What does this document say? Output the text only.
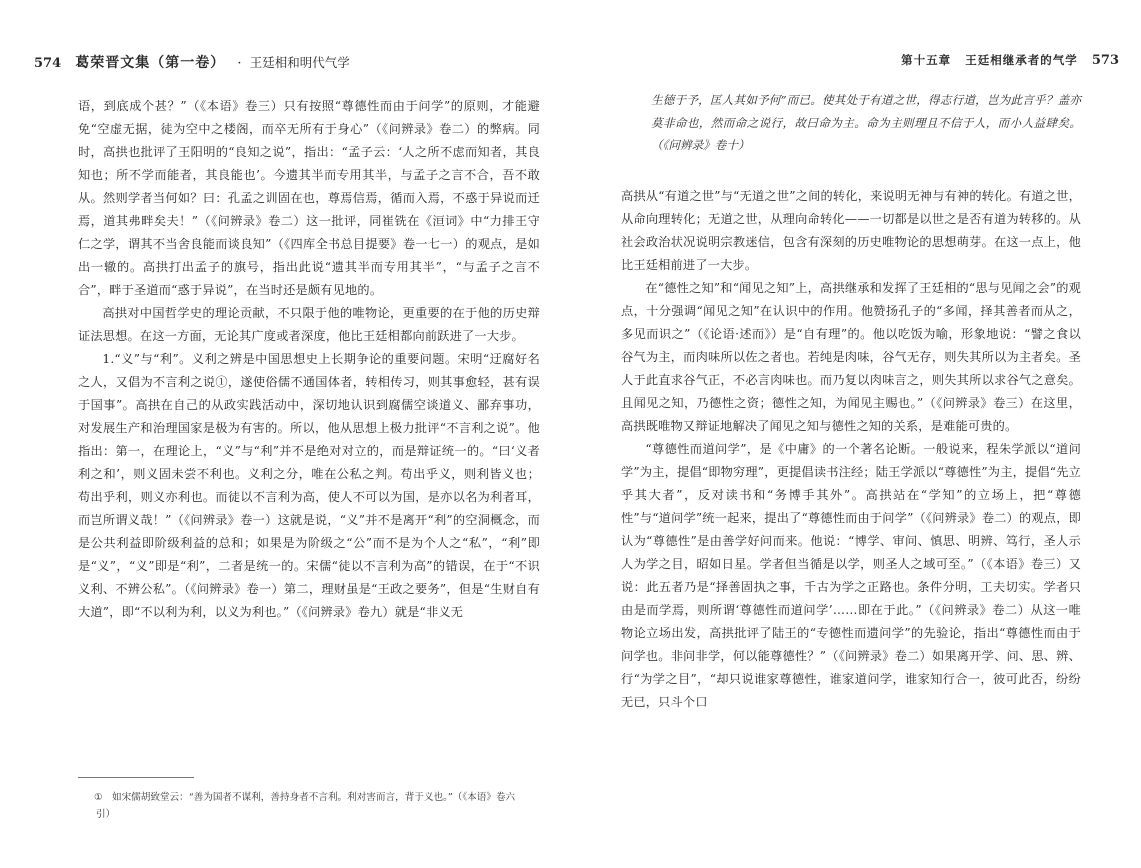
574 葛荣晋文集（第一卷） · 王廷相和明代气学

语，到底成个甚？”（《本语》卷三）只有按照“尊德性而由于问学”的原则，才能避免“空虚无据，徒为空中之楼阁，而卒无所有于身心”（《问辨录》卷二）的弊病。同时，高拱也批评了王阳明的“良知之说”，指出：“孟子云：‘人之所不虑而知者，其良知也；所不学而能者，其良能也’。今遗其半而专用其半，与孟子之言不合，吾不敢从。然则学者当何如？曰：孔孟之训固在也，尊焉信焉，循而入焉，不惑于异说而迁焉，道其弗畔矣夫！”（《问辨录》卷二）这一批评，同崔铣在《洹词》中“力排王守仁之学，谓其不当舍良能而谈良知”（《四库全书总目提要》卷一七一）的观点，是如出一辙的。高拱打出孟子的旗号，指出此说“遗其半而专用其半”，“与孟子之言不合”，畔于圣道而“惑于异说”，在当时还是颇有见地的。

高拱对中国哲学史的理论贡献，不只限于他的唯物论，更重要的在于他的历史辩证法思想。在这一方面，无论其广度或者深度，他比王廷相都向前跃进了一大步。

1.“义”与“利”。义利之辨是中国思想史上长期争论的重要问题。宋明“迂腐好名之人，又倡为不言利之说①，遂使俗儒不通国体者，转相传习，则其事愈轻，甚有误于国事”。高拱在自己的从政实践活动中，深切地认识到腐儒空谈道义、鄙弃事功，对发展生产和治理国家是极为有害的。所以，他从思想上极力批评“不言利之说”。他指出：第一，在理论上，“义”与“利”并不是绝对对立的，而是辩证统一的。“曰‘义者利之和’，则义固未尝不利也。义利之分，唯在公私之判。苟出乎义，则利皆义也；苟出乎利，则义亦利也。而徒以不言利为高，使人不可以为国，是亦以名为利者耳，而岂所谓义哉！”（《问辨录》卷一）这就是说，“义”并不是离开“利”的空洞概念，而是公共利益即阶级利益的总和；如果是为阶级之“公”而不是为个人之“私”，“利”即是“义”，“义”即是“利”，二者是统一的。宋儒“徒以不言利为高”的错误，在于“不识义利、不辨公私”。（《问辨录》卷一）第二，理财虽是“王政之要务”，但是“生财自有大道”，即“不以利为利，以义为利也。”（《问辨录》卷九）就是“非义无

① 如宋儒胡致堂云：“善为国者不谋利，善持身者不言利。利对害而言，背于义也。”（《本语》卷六引）
第十五章 王廷相继承者的气学 573

生德于予，匡人其如予何”而已。使其处于有道之世，得志行道，岂为此言乎？盖亦莫非命也，然而命之说行，故曰命为主。命为主则理且不信于人，而小人益肆矣。（《问辨录》卷十）

高拱从“有道之世”与“无道之世”之间的转化，来说明无神与有神的转化。有道之世，从命向理转化；无道之世，从理向命转化——一切都是以世之是否有道为转移的。从社会政治状况说明宗教迷信，包含有深刻的历史唯物论的思想萌芽。在这一点上，他比王廷相前进了一大步。

在“德性之知”和“闻见之知”上，高拱继承和发挥了王廷相的“思与见闻之会”的观点，十分强调“闻见之知”在认识中的作用。他赞扬孔子的“多闻，择其善者而从之，多见而识之”（《论语·述而》）是“自有理”的。他以吃饭为喻，形象地说：“譬之食以谷气为主，而肉味所以佐之者也。若纯是肉味，谷气无存，则失其所以为主者矣。圣人于此直求谷气正，不必言肉味也。而乃复以肉味言之，则失其所以求谷气之意矣。且闻见之知，乃德性之资；德性之知，为闻见主赐也。”（《问辨录》卷三）在这里，高拱既唯物又辩证地解决了闻见之知与德性之知的关系，是难能可贵的。

“尊德性而道问学”，是《中庸》的一个著名论断。一般说来，程朱学派以“道问学”为主，提倡“即物穷理”，更提倡读书注经；陆王学派以“尊德性”为主，提倡“先立乎其大者”，反对读书和“务博手其外”。高拱站在“学知”的立场上，把“尊德性”与“道问学”统一起来，提出了“尊德性而由于问学”（《问辨录》卷二）的观点，即认为“尊德性”是由善学好问而来。他说：“博学、审问、慎思、明辨、笃行，圣人示人为学之目，昭如日星。学者但当循是以学，则圣人之域可至。”（《本语》卷三）又说：此五者乃是“择善固执之事，千古为学之正路也。条件分明，工夫切实。学者只由是而学焉，则所谓‘尊德性而道问学’……即在于此。”（《问辨录》卷二）从这一唯物论立场出发，高拱批评了陆王的“专德性而遗问学”的先验论，指出“尊德性而由于问学也。非问非学，何以能尊德性？”（《问辨录》卷二）如果离开学、问、思、辨、行“为学之目”，“却只说谁家尊德性，谁家道问学，谁家知行合一，彼可此否，纷纷无已，只斗个口
